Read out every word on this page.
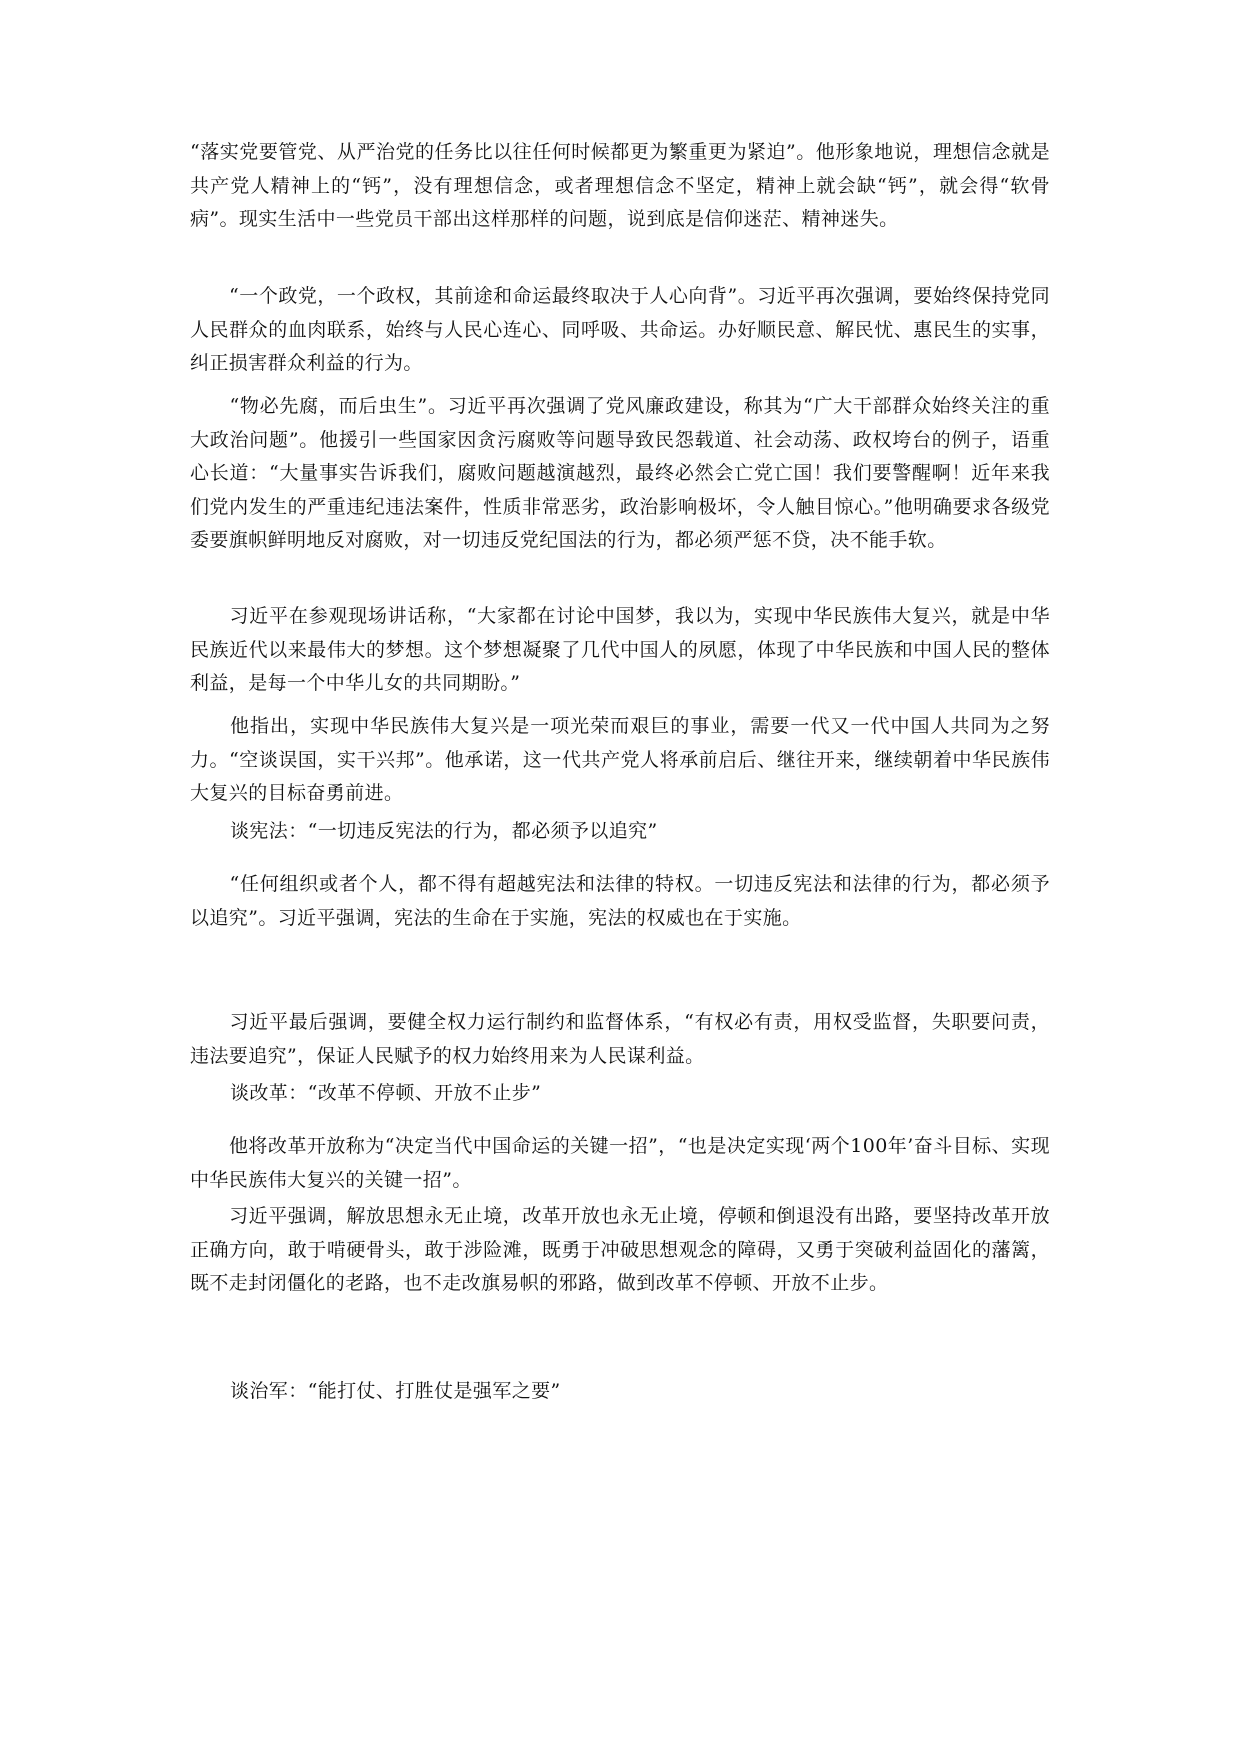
“落实党要管党、从严治党的任务比以往任何时候都更为繁重更为紧迫”。他形象地说，理想信念就是共产党人精神上的“钙”，没有理想信念，或者理想信念不坚定，精神上就会缺“钙”，就会得“软骨病”。现实生活中一些党员干部出这样那样的问题，说到底是信仰迷茫、精神迷失。

　　“一个政党，一个政权，其前途和命运最终取决于人心向背”。习近平再次强调，要始终保持党同人民群众的血肉联系，始终与人民心连心、同呼吸、共命运。办好顺民意、解民忧、惠民生的实事，纠正损害群众利益的行为。

　　“物必先腐，而后虫生”。习近平再次强调了党风廉政建设，称其为“广大干部群众始终关注的重大政治问题”。他援引一些国家因贪污腐败等问题导致民怨载道、社会动荡、政权垮台的例子，语重心长道：“大量事实告诉我们，腐败问题越演越烈，最终必然会亡党亡国！我们要警醒啊！近年来我们党内发生的严重违纪违法案件，性质非常恶劣，政治影响极坏，令人触目惊心。”他明确要求各级党委要旗帜鲜明地反对腐败，对一切违反党纪国法的行为，都必须严惩不贷，决不能手软。

　　习近平在参观现场讲话称，“大家都在讨论中国梦，我以为，实现中华民族伟大复兴，就是中华民族近代以来最伟大的梦想。这个梦想凝聚了几代中国人的夙愿，体现了中华民族和中国人民的整体利益，是每一个中华儿女的共同期盼。”

　　他指出，实现中华民族伟大复兴是一项光荣而艰巨的事业，需要一代又一代中国人共同为之努力。“空谈误国，实干兴邦”。他承诺，这一代共产党人将承前启后、继往开来，继续朝着中华民族伟大复兴的目标奋勇前进。

谈宪法：“一切违反宪法的行为，都必须予以追究”

　　“任何组织或者个人，都不得有超越宪法和法律的特权。一切违反宪法和法律的行为，都必须予以追究”。习近平强调，宪法的生命在于实施，宪法的权威也在于实施。

　　习近平最后强调，要健全权力运行制约和监督体系，“有权必有责，用权受监督，失职要问责，违法要追究”，保证人民赋予的权力始终用来为人民谋利益。

谈改革：“改革不停顿、开放不止步”

　　他将改革开放称为“决定当代中国命运的关键一招”，“也是决定实现‘两个100年’奋斗目标、实现中华民族伟大复兴的关键一招”。

　　习近平强调，解放思想永无止境，改革开放也永无止境，停顿和倒退没有出路，要坚持改革开放正确方向，敢于啃硬骨头，敢于涉险滩，既勇于冲破思想观念的障碍，又勇于突破利益固化的藩篱，既不走封闭僵化的老路，也不走改旗易帜的邪路，做到改革不停顿、开放不止步。

谈治军：“能打仗、打胜仗是强军之要”
